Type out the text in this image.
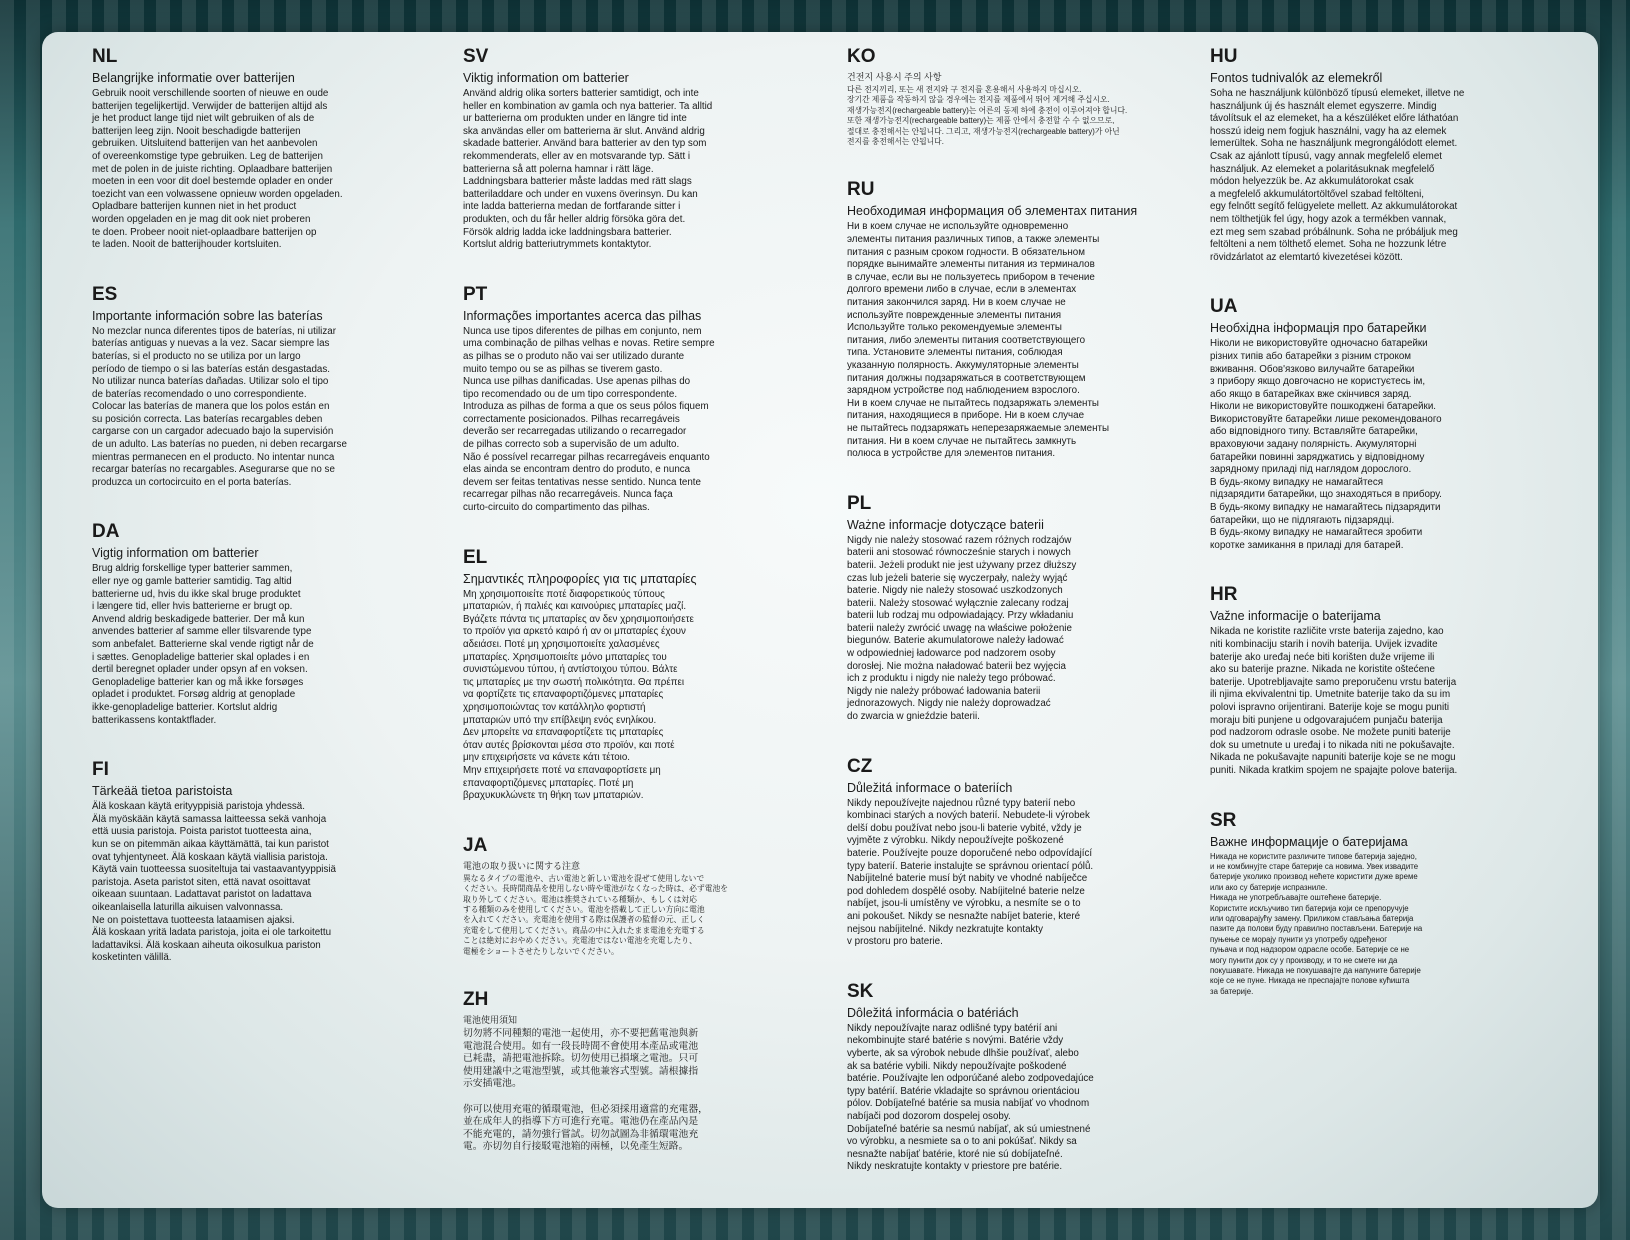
NL
Belangrijke informatie over batterijen
Gebruik nooit verschillende soorten of nieuwe en oude
batterijen tegelijkertijd. Verwijder de batterijen altijd als
je het product lange tijd niet wilt gebruiken of als de
batterijen leeg zijn. Nooit beschadigde batterijen
gebruiken. Uitsluitend batterijen van het aanbevolen
of overeenkomstige type gebruiken. Leg de batterijen
met de polen in de juiste richting. Oplaadbare batterijen
moeten in een voor dit doel bestemde oplader en onder
toezicht van een volwassene opnieuw worden opgeladen.
Opladbare batterijen kunnen niet in het product
worden opgeladen en je mag dit ook niet proberen
te doen. Probeer nooit niet-oplaadbare batterijen op
te laden. Nooit de batterijhouder kortsluiten.
ES
Importante información sobre las baterías
No mezclar nunca diferentes tipos de baterías, ni utilizar
baterías antiguas y nuevas a la vez. Sacar siempre las
baterías, si el producto no se utiliza por un largo
período de tiempo o si las baterías están desgastadas.
No utilizar nunca baterías dañadas. Utilizar solo el tipo
de baterías recomendado o uno correspondiente.
Colocar las baterías de manera que los polos están en
su posición correcta. Las baterías recargables deben
cargarse con un cargador adecuado bajo la supervisión
de un adulto. Las baterías no pueden, ni deben recargarse
mientras permanecen en el producto. No intentar nunca
recargar baterías no recargables. Asegurarse que no se
produzca un cortocircuito en el porta baterías.
DA
Vigtig information om batterier
Brug aldrig forskellige typer batterier sammen,
eller nye og gamle batterier samtidig. Tag altid
batterierne ud, hvis du ikke skal bruge produktet
i længere tid, eller hvis batterierne er brugt op.
Anvend aldrig beskadigede batterier. Der må kun
anvendes batterier af samme eller tilsvarende type
som anbefalet. Batterierne skal vende rigtigt når de
i sættes. Genopladelige batterier skal oplades i en
dertil beregnet oplader under opsyn af en voksen.
Genopladelige batterier kan og må ikke forsøges
opladet i produktet. Forsøg aldrig at genoplade
ikke-genopladelige batterier. Kortslut aldrig
batterikassens kontaktflader.
FI
Tärkeää tietoa paristoista
Älä koskaan käytä erityyppisiä paristoja yhdessä.
Älä myöskään käytä samassa laitteessa sekä vanhoja
että uusia paristoja. Poista paristot tuotteesta aina,
kun se on pitemmän aikaa käyttämättä, tai kun paristot
ovat tyhjentyneet. Älä koskaan käytä viallisia paristoja.
Käytä vain tuotteessa suositeltuja tai vastaavantyyppisiä
paristoja. Aseta paristot siten, että navat osoittavat
oikeaan suuntaan. Ladattavat paristot on ladattava
oikeanlaisella laturilla aikuisen valvonnassa.
Ne on poistettava tuotteesta lataamisen ajaksi.
Älä koskaan yritä ladata paristoja, joita ei ole tarkoitettu
ladattaviksi. Älä koskaan aiheuta oikosulkua pariston
kosketinten välillä.
SV
Viktig information om batterier
Använd aldrig olika sorters batterier samtidigt, och inte
heller en kombination av gamla och nya batterier. Ta alltid
ur batterierna om produkten under en längre tid inte
ska användas eller om batterierna är slut. Använd aldrig
skadade batterier. Använd bara batterier av den typ som
rekommenderats, eller av en motsvarande typ. Sätt i
batterierna så att polerna hamnar i rätt läge.
Laddningsbara batterier måste laddas med rätt slags
batteriladdare och under en vuxens överinsyn. Du kan
inte ladda batterierna medan de fortfarande sitter i
produkten, och du får heller aldrig försöka göra det.
Försök aldrig ladda icke laddningsbara batterier.
Kortslut aldrig batteriutrymmets kontaktytor.
PT
Informações importantes acerca das pilhas
Nunca use tipos diferentes de pilhas em conjunto, nem
uma combinação de pilhas velhas e novas. Retire sempre
as pilhas se o produto não vai ser utilizado durante
muito tempo ou se as pilhas se tiverem gasto.
Nunca use pilhas danificadas. Use apenas pilhas do
tipo recomendado ou de um tipo correspondente.
Introduza as pilhas de forma a que os seus pólos fiquem
correctamente posicionados. Pilhas recarregáveis
deverão ser recarregadas utilizando o recarregador
de pilhas correcto sob a supervisão de um adulto.
Não é possível recarregar pilhas recarregáveis enquanto
elas ainda se encontram dentro do produto, e nunca
devem ser feitas tentativas nesse sentido. Nunca tente
recarregar pilhas não recarregáveis. Nunca faça
curto-circuito do compartimento das pilhas.
EL
Σημαντικές πληροφορίες για τις μπαταρίες
Μη χρησιμοποιείτε ποτέ διαφορετικούς τύπους
μπαταριών, ή παλιές και καινούριες μπαταρίες μαζί.
Βγάζετε πάντα τις μπαταρίες αν δεν χρησιμοποιήσετε
το προϊόν για αρκετό καιρό ή αν οι μπαταρίες έχουν
αδειάσει. Ποτέ μη χρησιμοποιείτε χαλασμένες
μπαταρίες. Χρησιμοποιείτε μόνο μπαταρίες του
συνιστώμενου τύπου, ή αντίστοιχου τύπου. Βάλτε
τις μπαταρίες με την σωστή πολικότητα. Θα πρέπει
να φορτίζετε τις επαναφορτιζόμενες μπαταρίες
χρησιμοποιώντας τον κατάλληλο φορτιστή
μπαταριών υπό την επίβλεψη ενός ενηλίκου.
Δεν μπορείτε να επαναφορτίζετε τις μπαταρίες
όταν αυτές βρίσκονται μέσα στο προϊόν, και ποτέ
μην επιχειρήσετε να κάνετε κάτι τέτοιο.
Μην επιχειρήσετε ποτέ να επαναφορτίσετε μη
επαναφορτιζόμενες μπαταρίες. Ποτέ μη
βραχυκυκλώνετε τη θήκη των μπαταριών.
JA
電池の取り扱いに関する注意
異なるタイプの電池や、古い電池と新しい電池を混ぜて使用しないで
ください。長時間商品を使用しない時や電池がなくなった時は、必ず電池を
取り外してください。電池は推奨されている種類か、もしくは対応
する種類のみを使用してください。電池を搭載して正しい方向に電池
を入れてください。充電池を使用する際は保護者の監督の元、正しく
充電をして使用してください。商品の中に入れたまま電池を充電する
ことは絶対におやめください。充電池ではない電池を充電したり、
電極をショートさせたりしないでください。
ZH
電池使用須知
切勿將不同種類的電池一起使用，亦不要把舊電池與新
電池混合使用。如有一段長時間不會使用本產品或電池
已耗盡，請把電池拆除。切勿使用已損壞之電池。只可
使用建議中之電池型號，或其他兼容式型號。請根據指
示安插電池。

你可以使用充電的循環電池，但必須採用適當的充電器，
並在成年人的指導下方可進行充電。電池仍在產品內是
不能充電的，請勿強行嘗試。切勿試圖為非循環電池充
電。亦切勿自行接駁電池箱的兩極，以免產生短路。
KO
건전지 사용시 주의 사항
다른 전지끼리, 또는 새 전지와 구 전지를 혼용해서 사용하지 마십시오.
장기간 제품을 작동하지 않을 경우에는 전지를 제품에서 뛰어 제거해 주십시오.
재생가능전지(rechargeable battery)는 어른의 동제 하에 충전이 이루어져야 합니다.
또한 재생가능전지(rechargeable battery)는 제품 안에서 충전할 수 수 없으므로,
절대로 충전해서는 안됩니다. 그리고, 재생가능전지(rechargeable battery)가 아닌
전지를 충전해서는 안됩니다.
RU
Необходимая информация об элементах питания
Ни в коем случае не используйте одновременно
элементы питания различных типов, а также элементы
питания с разным сроком годности. В обязательном
порядке вынимайте элементы питания из терминалов
в случае, если вы не пользуетесь прибором в течение
долгого времени либо в случае, если в элементах
питания закончился заряд. Ни в коем случае не
используйте поврежденные элементы питания
Используйте только рекомендуемые элементы
питания, либо элементы питания соответствующего
типа. Установите элементы питания, соблюдая
указанную полярность. Аккумуляторные элементы
питания должны подзаряжаться в соответствующем
зарядном устройстве под наблюдением взрослого.
Ни в коем случае не пытайтесь подзаряжать элементы
питания, находящиеся в приборе. Ни в коем случае
не пытайтесь подзаряжать неперезаряжаемые элементы
питания. Ни в коем случае не пытайтесь замкнуть
полюса в устройстве для элементов питания.
PL
Ważne informacje dotyczące baterii
Nigdy nie należy stosować razem różnych rodzajów
baterii ani stosować równocześnie starych i nowych
baterii. Jeżeli produkt nie jest używany przez dłuższy
czas lub jeżeli baterie się wyczerpały, należy wyjąć
baterie. Nigdy nie należy stosować uszkodzonych
baterii. Należy stosować wyłącznie zalecany rodzaj
baterii lub rodzaj mu odpowiadający. Przy wkładaniu
baterii należy zwrócić uwagę na właściwe położenie
biegunów. Baterie akumulatorowe należy ładować
w odpowiedniej ładowarce pod nadzorem osoby
dorosłej. Nie można naładować baterii bez wyjęcia
ich z produktu i nigdy nie należy tego próbować.
Nigdy nie należy próbować ładowania baterii
jednorazowych. Nigdy nie należy doprowadzać
do zwarcia w gnieździe baterii.
CZ
Důležitá informace o bateriích
Nikdy nepoužívejte najednou různé typy baterií nebo
kombinaci starých a nových baterií. Nebudete-li výrobek
delší dobu používat nebo jsou-li baterie vybité, vždy je
vyjměte z výrobku. Nikdy nepoužívejte poškozené
baterie. Používejte pouze doporučené nebo odpovídající
typy baterií. Baterie instalujte se správnou orientací pólů.
Nabíjitelné baterie musí být nabity ve vhodné nabíječce
pod dohledem dospělé osoby. Nabíjitelné baterie nelze
nabíjet, jsou-li umístěny ve výrobku, a nesmíte se o to
ani pokoušet. Nikdy se nesnažte nabíjet baterie, které
nejsou nabíjitelné. Nikdy nezkratujte kontakty
v prostoru pro baterie.
SK
Dôležitá informácia o batériách
Nikdy nepoužívajte naraz odlišné typy batérií ani
nekombinujte staré batérie s novými. Batérie vždy
vyberte, ak sa výrobok nebude dlhšie používať, alebo
ak sa batérie vybili. Nikdy nepoužívajte poškodené
batérie. Používajte len odporúčané alebo zodpovedajúce
typy batérií. Batérie vkladajte so správnou orientáciou
pólov. Dobíjateľné batérie sa musia nabíjať vo vhodnom
nabíjači pod dozorom dospelej osoby.
Dobíjateľné batérie sa nesmú nabíjať, ak sú umiestnené
vo výrobku, a nesmiete sa o to ani pokúšať. Nikdy sa
nesnažte nabíjať batérie, ktoré nie sú dobíjateľné.
Nikdy neskratujte kontakty v priestore pre batérie.
HU
Fontos tudnivalók az elemekről
Soha ne használjunk különböző típusú elemeket, illetve ne
használjunk új és használt elemet egyszerre. Mindig
távolítsuk el az elemeket, ha a készüléket előre láthatóan
hosszú ideig nem fogjuk használni, vagy ha az elemek
lemerültek. Soha ne használjunk megrongálódott elemet.
Csak az ajánlott típusú, vagy annak megfelelő elemet
használjuk. Az elemeket a polaritásuknak megfelelő
módon helyezzük be. Az akkumulátorokat csak
a megfelelő akkumulátortöltővel szabad feltölteni,
egy felnőtt segítő felügyelete mellett. Az akkumulátorokat
nem tölthetjük fel úgy, hogy azok a termékben vannak,
ezt meg sem szabad próbálnunk. Soha ne próbáljuk meg
feltölteni a nem tölthető elemet. Soha ne hozzunk létre
rövidzárlatot az elemtartó kivezetései között.
UA
Необхідна інформація про батарейки
Ніколи не використовуйте одночасно батарейки
різних типів або батарейки з різним строком
вживання. Обов'язково вилучайте батарейки
з прибору якщо довгочасно не користуєтесь ім,
або якщо в батарейках вже скінчився заряд.
Ніколи не використовуйте пошкоджені батарейки.
Використовуйте батарейки лише рекомендованого
або відповідного типу. Вставляйте батарейки,
враховуючи задану полярність. Акумуляторні
батарейки повинні заряджатись у відповідному
зарядному приладі під наглядом дорослого.
В будь-якому випадку не намагайтеся
підзарядити батарейки, що знаходяться в прибору.
В будь-якому випадку не намагайтесь підзарядити
батарейки, що не підлягають підзарядці.
В будь-якому випадку не намагайтеся зробити
коротке замикання в приладі для батарей.
HR
Važne informacije o baterijama
Nikada ne koristite različite vrste baterija zajedno, kao
niti kombinaciju starih i novih baterija. Uvijek izvadite
baterije ako uređaj neće biti korišten duže vrijeme ili
ako su baterije prazne. Nikada ne koristite oštećene
baterije. Upotrebljavajte samo preporučenu vrstu baterija
ili njima ekvivalentni tip. Umetnite baterije tako da su im
polovi ispravno orijentirani. Baterije koje se mogu puniti
moraju biti punjene u odgovarajućem punjaču baterija
pod nadzorom odrasle osobe. Ne možete puniti baterije
dok su umetnute u uređaj i to nikada niti ne pokušavajte.
Nikada ne pokušavajte napuniti baterije koje se ne mogu
puniti. Nikada kratkim spojem ne spajajte polove baterija.
SR
Важне информације о батеријама
Никада не користите различите типове батерија заједно,
и не комбинујте старе батерије са новима. Увек извадите
батерије уколико производ нећете користити дуже време
или ако су батерије испразниле.
Никада не употребљавајте оштећене батерије.
Користите искључиво тип батерија који се препоручује
или одговарајућу замену. Приликом стављања батерија
пазите да полови буду правилно постављени. Батерије на
пуњење се морају пунити уз употребу одређеног
пуњача и под надзором одрасле особе. Батерије се не
могу пунити док су у производу, и то не смете ни да
покушавате. Никада не покушавајте да напуните батерије
које се не пуне. Никада не преспајајте полове кућишта
за батерије.
